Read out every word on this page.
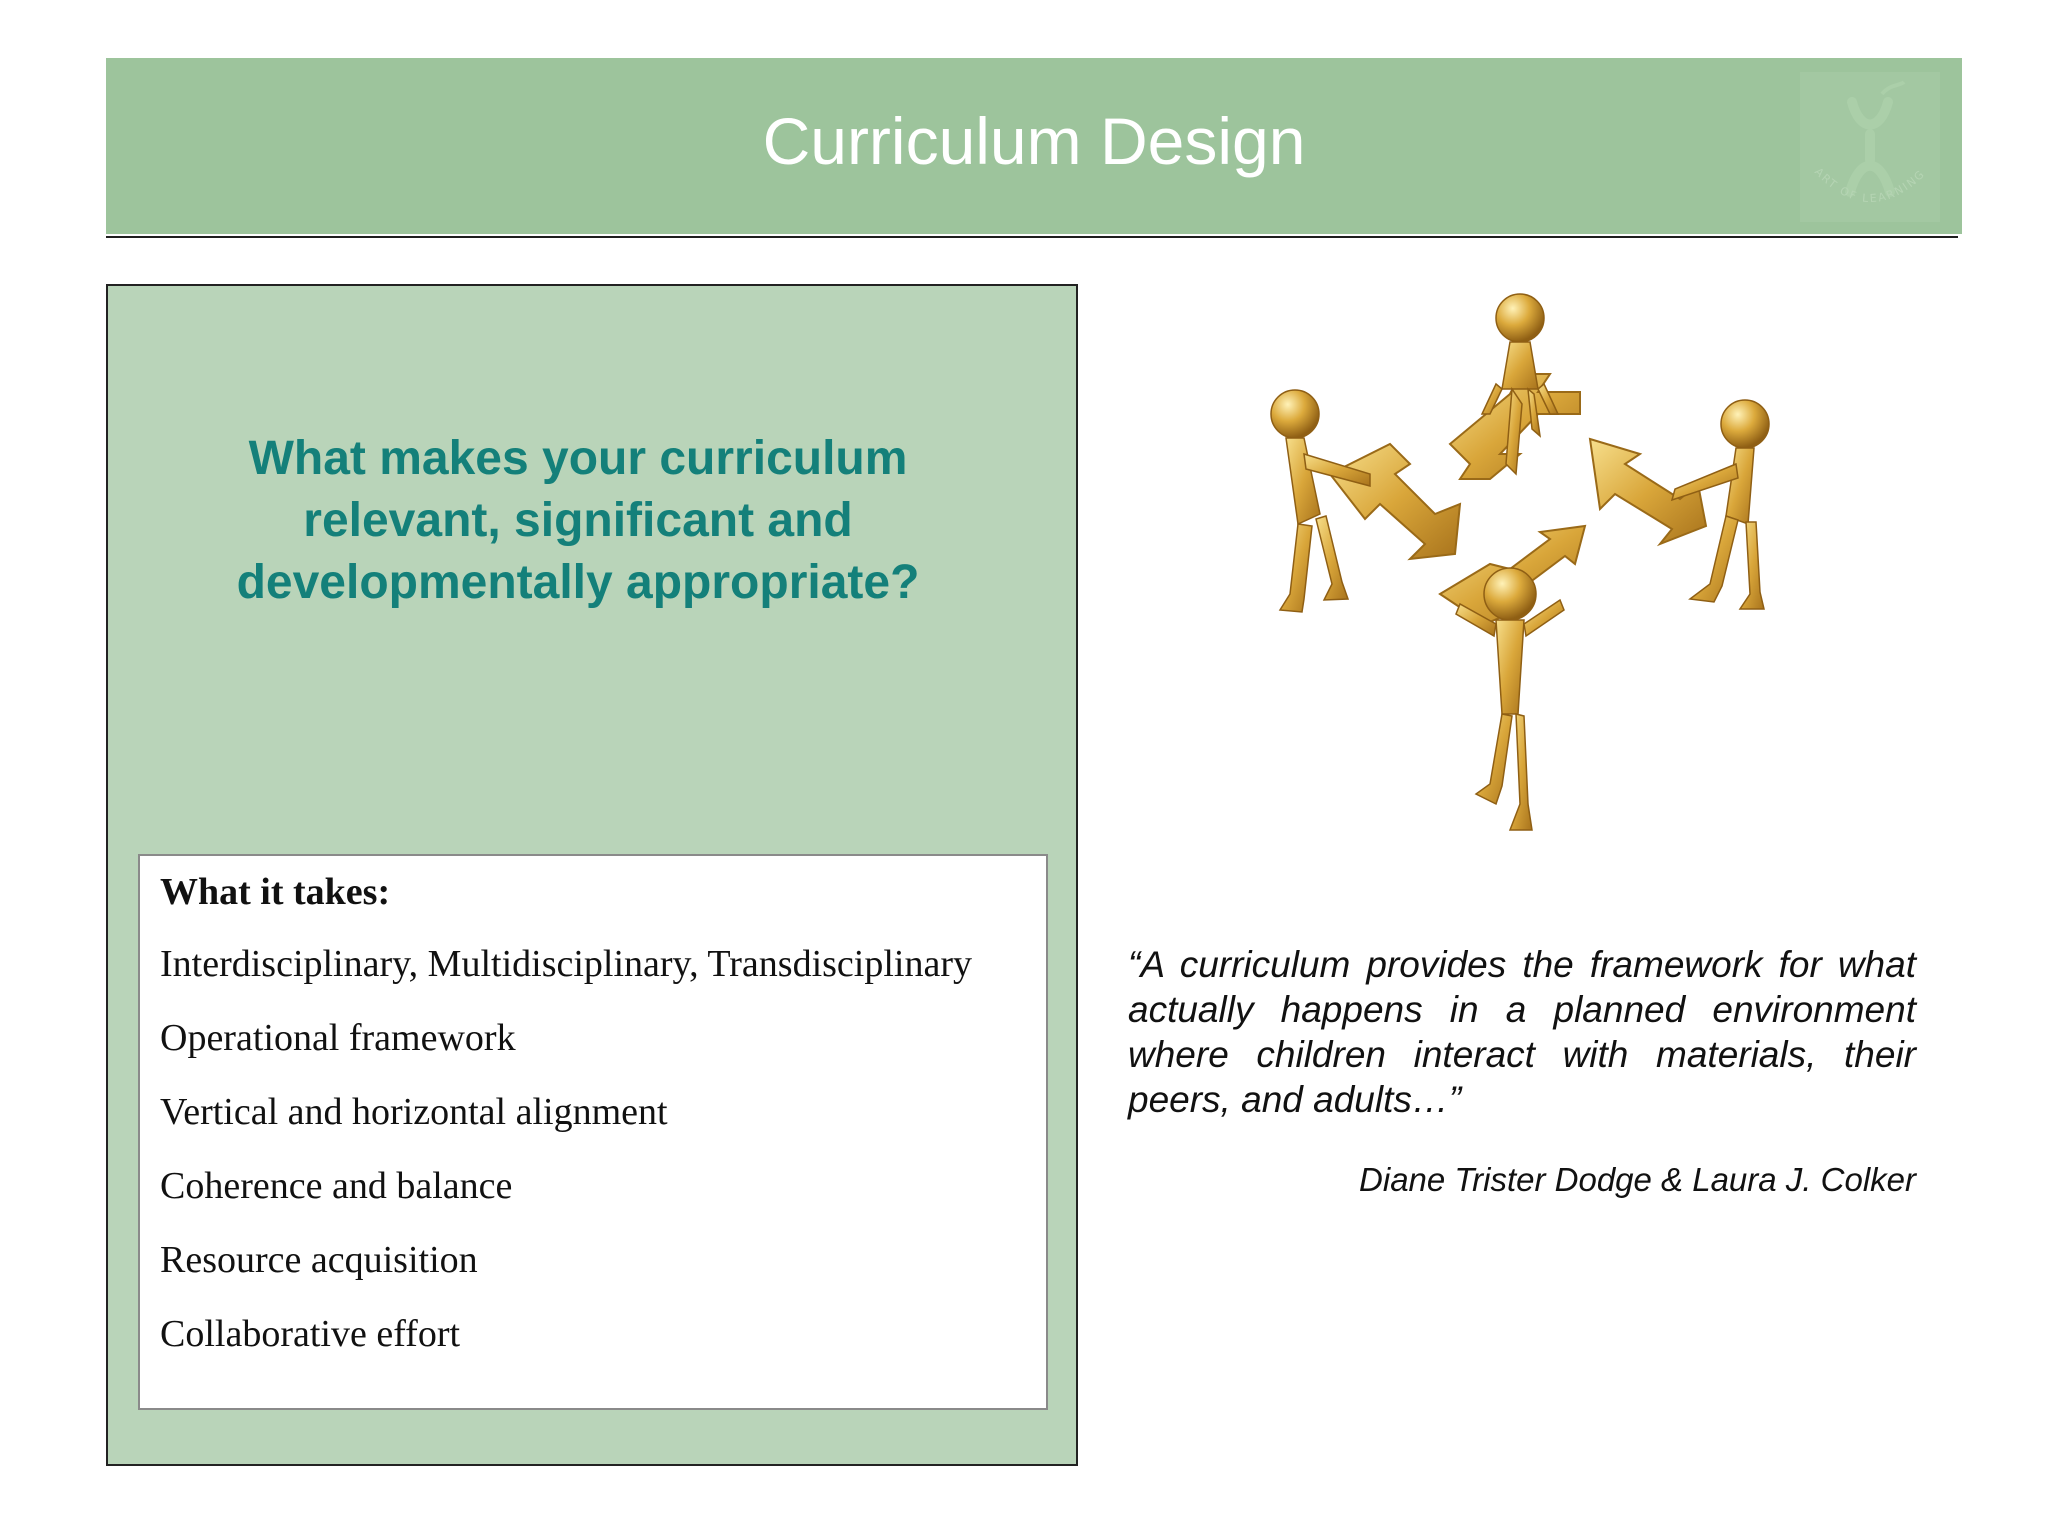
Curriculum Design	ART OF LEARNING
What makes your curriculum relevant, significant and developmentally appropriate?
What it takes:
Interdisciplinary, Multidisciplinary, Transdisciplinary
Operational framework
Vertical and horizontal alignment
Coherence and balance
Resource acquisition
Collaborative effort
“A curriculum provides the framework for what actually happens in a planned environment where children interact with materials, their peers, and adults…”
Diane Trister Dodge & Laura J. Colker
